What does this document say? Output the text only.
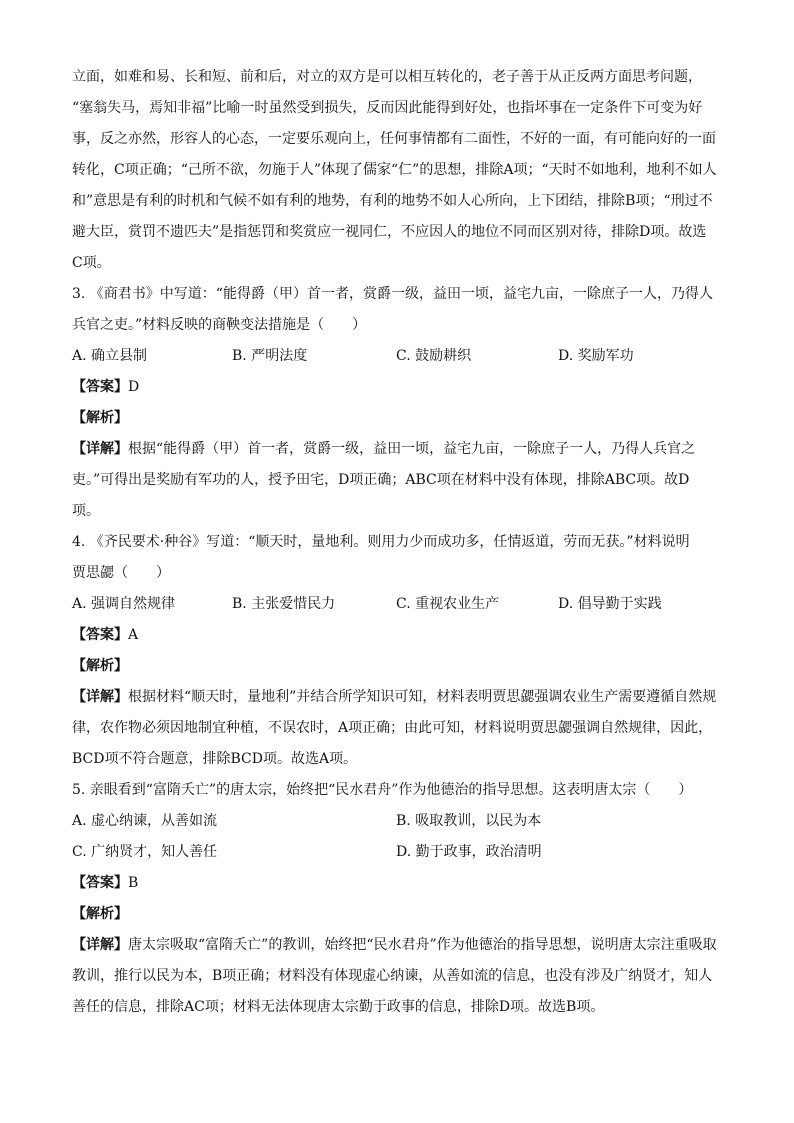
立面，如难和易、长和短、前和后，对立的双方是可以相互转化的，老子善于从正反两方面思考问题，
“塞翁失马，焉知非福”比喻一时虽然受到损失，反而因此能得到好处，也指坏事在一定条件下可变为好
事，反之亦然，形容人的心态，一定要乐观向上，任何事情都有二面性，不好的一面，有可能向好的一面
转化，C项正确；“己所不欲，勿施于人”体现了儒家“仁”的思想，排除A项；“天时不如地利，地利不如人
和”意思是有利的时机和气候不如有利的地势，有利的地势不如人心所向，上下团结，排除B项；“刑过不
避大臣，赏罚不遗匹夫”是指惩罚和奖赏应一视同仁，不应因人的地位不同而区别对待，排除D项。故选
C项。
3. 《商君书》中写道：“能得爵（甲）首一者，赏爵一级，益田一顷，益宅九亩，一除庶子一人，乃得人
兵官之吏。”材料反映的商鞅变法措施是（　　）
A. 确立县制	B. 严明法度	C. 鼓励耕织	D. 奖励军功
【答案】D
【解析】
【详解】根据“能得爵（甲）首一者，赏爵一级，益田一顷，益宅九亩，一除庶子一人，乃得人兵官之
吏。”可得出是奖励有军功的人，授予田宅，D项正确；ABC项在材料中没有体现，排除ABC项。故D
项。
4. 《齐民要术·种谷》写道：“顺天时，量地利。则用力少而成功多，任情返道，劳而无获。”材料说明
贾思勰（　　）
A. 强调自然规律	B. 主张爱惜民力	C. 重视农业生产	D. 倡导勤于实践
【答案】A
【解析】
【详解】根据材料“顺天时，量地利”并结合所学知识可知，材料表明贾思勰强调农业生产需要遵循自然规
律，农作物必须因地制宜种植，不误农时，A项正确；由此可知，材料说明贾思勰强调自然规律，因此，
BCD项不符合题意，排除BCD项。故选A项。
5. 亲眼看到“富隋夭亡”的唐太宗，始终把“民水君舟”作为他德治的指导思想。这表明唐太宗（　　）
A. 虚心纳谏，从善如流	B. 吸取教训，以民为本
C. 广纳贤才，知人善任	D. 勤于政事，政治清明
【答案】B
【解析】
【详解】唐太宗吸取“富隋夭亡”的教训，始终把“民水君舟”作为他德治的指导思想，说明唐太宗注重吸取
教训，推行以民为本，B项正确；材料没有体现虚心纳谏，从善如流的信息，也没有涉及广纳贤才，知人
善任的信息，排除AC项；材料无法体现唐太宗勤于政事的信息，排除D项。故选B项。
